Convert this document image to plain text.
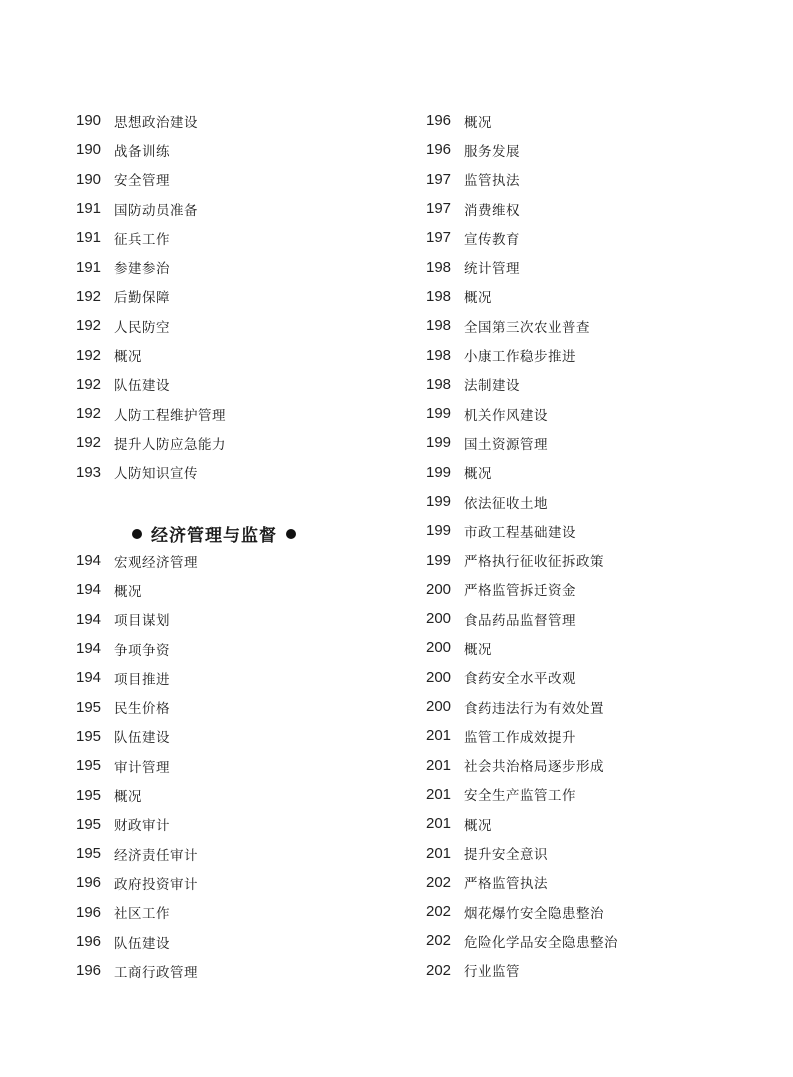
190 思想政治建设
190 战备训练
190 安全管理
191 国防动员准备
191 征兵工作
191 参建参治
192 后勤保障
192 人民防空
192 概况
192 队伍建设
192 人防工程维护管理
192 提升人防应急能力
193 人防知识宣传
经济管理与监督
194 宏观经济管理
194 概况
194 项目谋划
194 争项争资
194 项目推进
195 民生价格
195 队伍建设
195 审计管理
195 概况
195 财政审计
195 经济责任审计
196 政府投资审计
196 社区工作
196 队伍建设
196 工商行政管理
196 概况
196 服务发展
197 监管执法
197 消费维权
197 宣传教育
198 统计管理
198 概况
198 全国第三次农业普查
198 小康工作稳步推进
198 法制建设
199 机关作风建设
199 国土资源管理
199 概况
199 依法征收土地
199 市政工程基础建设
199 严格执行征收征拆政策
200 严格监管拆迁资金
200 食品药品监督管理
200 概况
200 食药安全水平改观
200 食药违法行为有效处置
201 监管工作成效提升
201 社会共治格局逐步形成
201 安全生产监管工作
201 概况
201 提升安全意识
202 严格监管执法
202 烟花爆竹安全隐患整治
202 危险化学品安全隐患整治
202 行业监管
